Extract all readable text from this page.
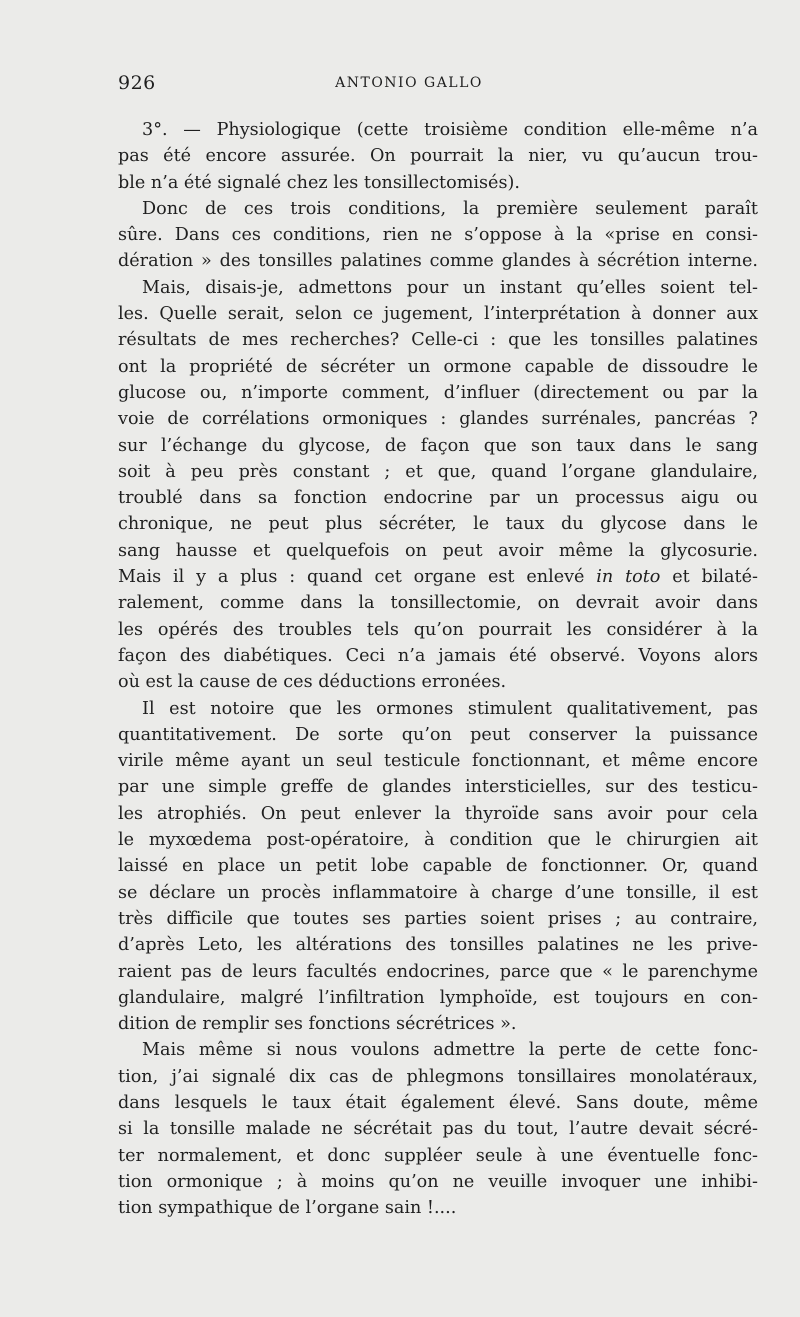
926	ANTONIO GALLO
3°. — Physiologique (cette troisième condition elle-même n’a
pas été encore assurée. On pourrait la nier, vu qu’aucun trou-
ble n’a été signalé chez les tonsillectomisés).
Donc de ces trois conditions, la première seulement paraît
sûre. Dans ces conditions, rien ne s’oppose à la «prise en consi-
dération » des tonsilles palatines comme glandes à sécrétion interne.
Mais, disais-je, admettons pour un instant qu’elles soient tel-
les. Quelle serait, selon ce jugement, l’interprétation à donner aux
résultats de mes recherches? Celle-ci : que les tonsilles palatines
ont la propriété de sécréter un ormone capable de dissoudre le
glucose ou, n’importe comment, d’influer (directement ou par la
voie de corrélations ormoniques : glandes surrénales, pancréas ?
sur l’échange du glycose, de façon que son taux dans le sang
soit à peu près constant ; et que, quand l’organe glandulaire,
troublé dans sa fonction endocrine par un processus aigu ou
chronique, ne peut plus sécréter, le taux du glycose dans le
sang hausse et quelquefois on peut avoir même la glycosurie.
Mais il y a plus : quand cet organe est enlevé in toto et bilaté-
ralement, comme dans la tonsillectomie, on devrait avoir dans
les opérés des troubles tels qu’on pourrait les considérer à la
façon des diabétiques. Ceci n’a jamais été observé. Voyons alors
où est la cause de ces déductions erronées.
Il est notoire que les ormones stimulent qualitativement, pas
quantitativement. De sorte qu’on peut conserver la puissance
virile même ayant un seul testicule fonctionnant, et même encore
par une simple greffe de glandes intersticielles, sur des testicu-
les atrophiés. On peut enlever la thyroïde sans avoir pour cela
le myxœdema post-opératoire, à condition que le chirurgien ait
laissé en place un petit lobe capable de fonctionner. Or, quand
se déclare un procès inflammatoire à charge d’une tonsille, il est
très difficile que toutes ses parties soient prises ; au contraire,
d’après Leto, les altérations des tonsilles palatines ne les prive-
raient pas de leurs facultés endocrines, parce que « le parenchyme
glandulaire, malgré l’infiltration lymphoïde, est toujours en con-
dition de remplir ses fonctions sécrétrices ».
Mais même si nous voulons admettre la perte de cette fonc-
tion, j’ai signalé dix cas de phlegmons tonsillaires monolatéraux,
dans lesquels le taux était également élevé. Sans doute, même
si la tonsille malade ne sécrétait pas du tout, l’autre devait sécré-
ter normalement, et donc suppléer seule à une éventuelle fonc-
tion ormonique ; à moins qu’on ne veuille invoquer une inhibi-
tion sympathique de l’organe sain !....
